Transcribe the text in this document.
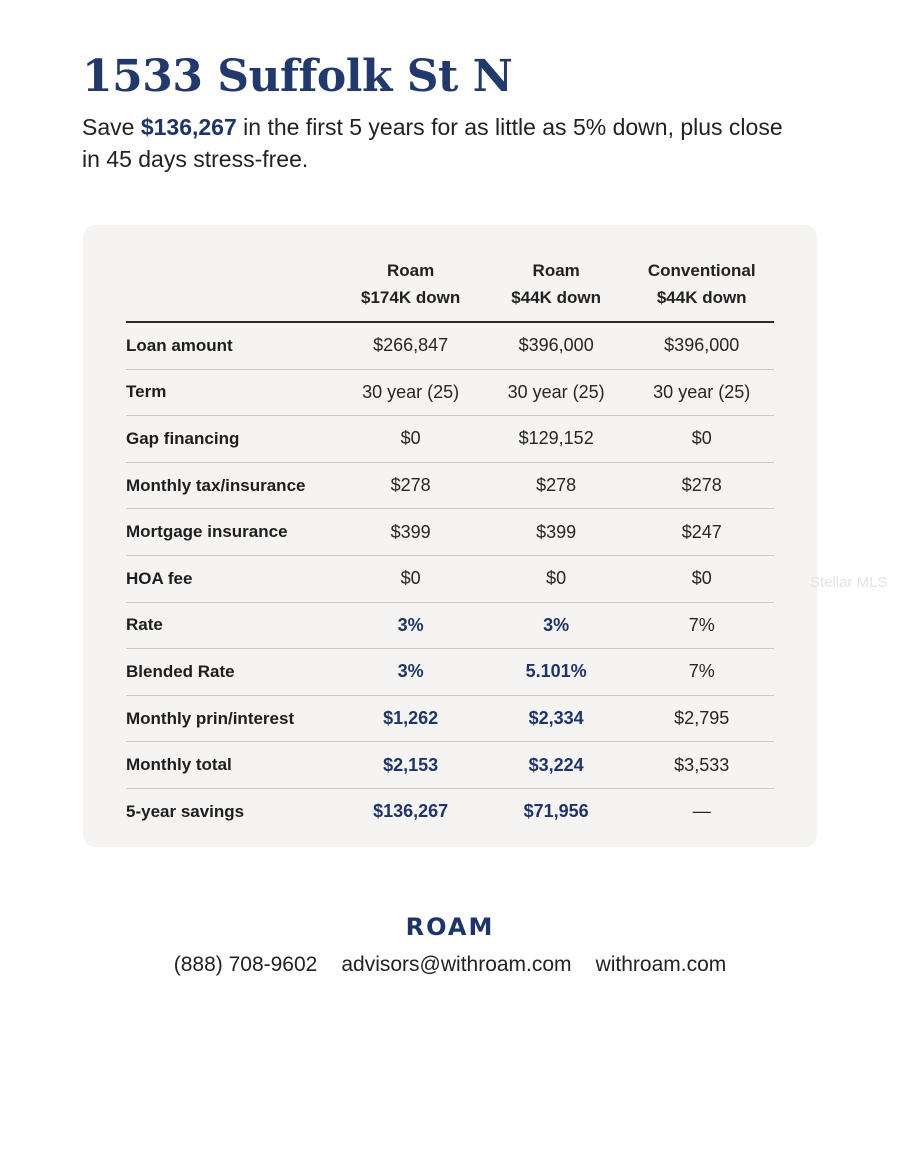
1533 Suffolk St N

Save $136,267 in the first 5 years for as little as 5% down, plus close in 45 days stress-free.

Roam
$174K down
Roam
$44K down
Conventional
$44K down
Loan amount	$266,847	$396,000	$396,000
Term	30 year (25)	30 year (25)	30 year (25)
Gap financing	$0	$129,152	$0
Monthly tax/insurance	$278	$278	$278
Mortgage insurance	$399	$399	$247
HOA fee	$0	$0	$0
Rate	3%	3%	7%
Blended Rate	3%	5.101%	7%
Monthly prin/interest	$1,262	$2,334	$2,795
Monthly total	$2,153	$3,224	$3,533
5-year savings	$136,267	$71,956	—
Stellar MLS
ROAM
(888) 708-9602 advisors@withroam.com withroam.com
